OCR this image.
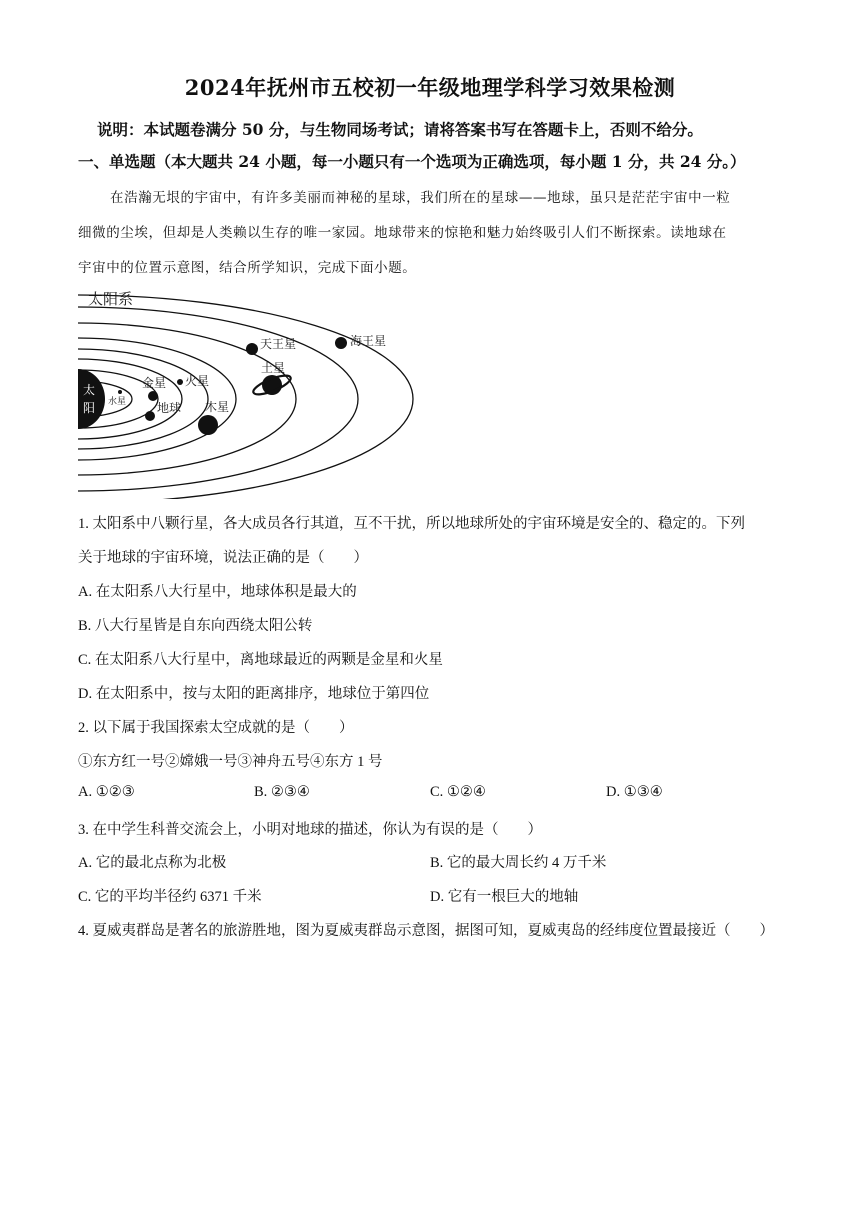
2024年抚州市五校初一年级地理学科学习效果检测
说明：本试题卷满分 50 分，与生物同场考试；请将答案书写在答题卡上，否则不给分。
一、单选题（本大题共 24 小题，每一小题只有一个选项为正确选项，每小题 1 分，共 24 分。）
在浩瀚无垠的宇宙中，有许多美丽而神秘的星球，我们所在的星球——地球，虽只是茫茫宇宙中一粒
细微的尘埃，但却是人类赖以生存的唯一家园。地球带来的惊艳和魅力始终吸引人们不断探索。读地球在
宇宙中的位置示意图，结合所学知识，完成下面小题。
太阳系
太
阳 水星
金星
地球
火星
木星
土星
天王星	海王星
1. 太阳系中八颗行星，各大成员各行其道，互不干扰，所以地球所处的宇宙环境是安全的、稳定的。下列
关于地球的宇宙环境，说法正确的是（　　）
A. 在太阳系八大行星中，地球体积是最大的
B. 八大行星皆是自东向西绕太阳公转
C. 在太阳系八大行星中，离地球最近的两颗是金星和火星
D. 在太阳系中，按与太阳的距离排序，地球位于第四位
2. 以下属于我国探索太空成就的是（　　）
①东方红一号②嫦娥一号③神舟五号④东方 1 号
A. ①②③	B. ②③④	C. ①②④	D. ①③④
3. 在中学生科普交流会上，小明对地球的描述，你认为有误的是（　　）
A. 它的最北点称为北极	B. 它的最大周长约 4 万千米
C. 它的平均半径约 6371 千米	D. 它有一根巨大的地轴
4. 夏威夷群岛是著名的旅游胜地，图为夏威夷群岛示意图，据图可知，夏威夷岛的经纬度位置最接近（　　）
